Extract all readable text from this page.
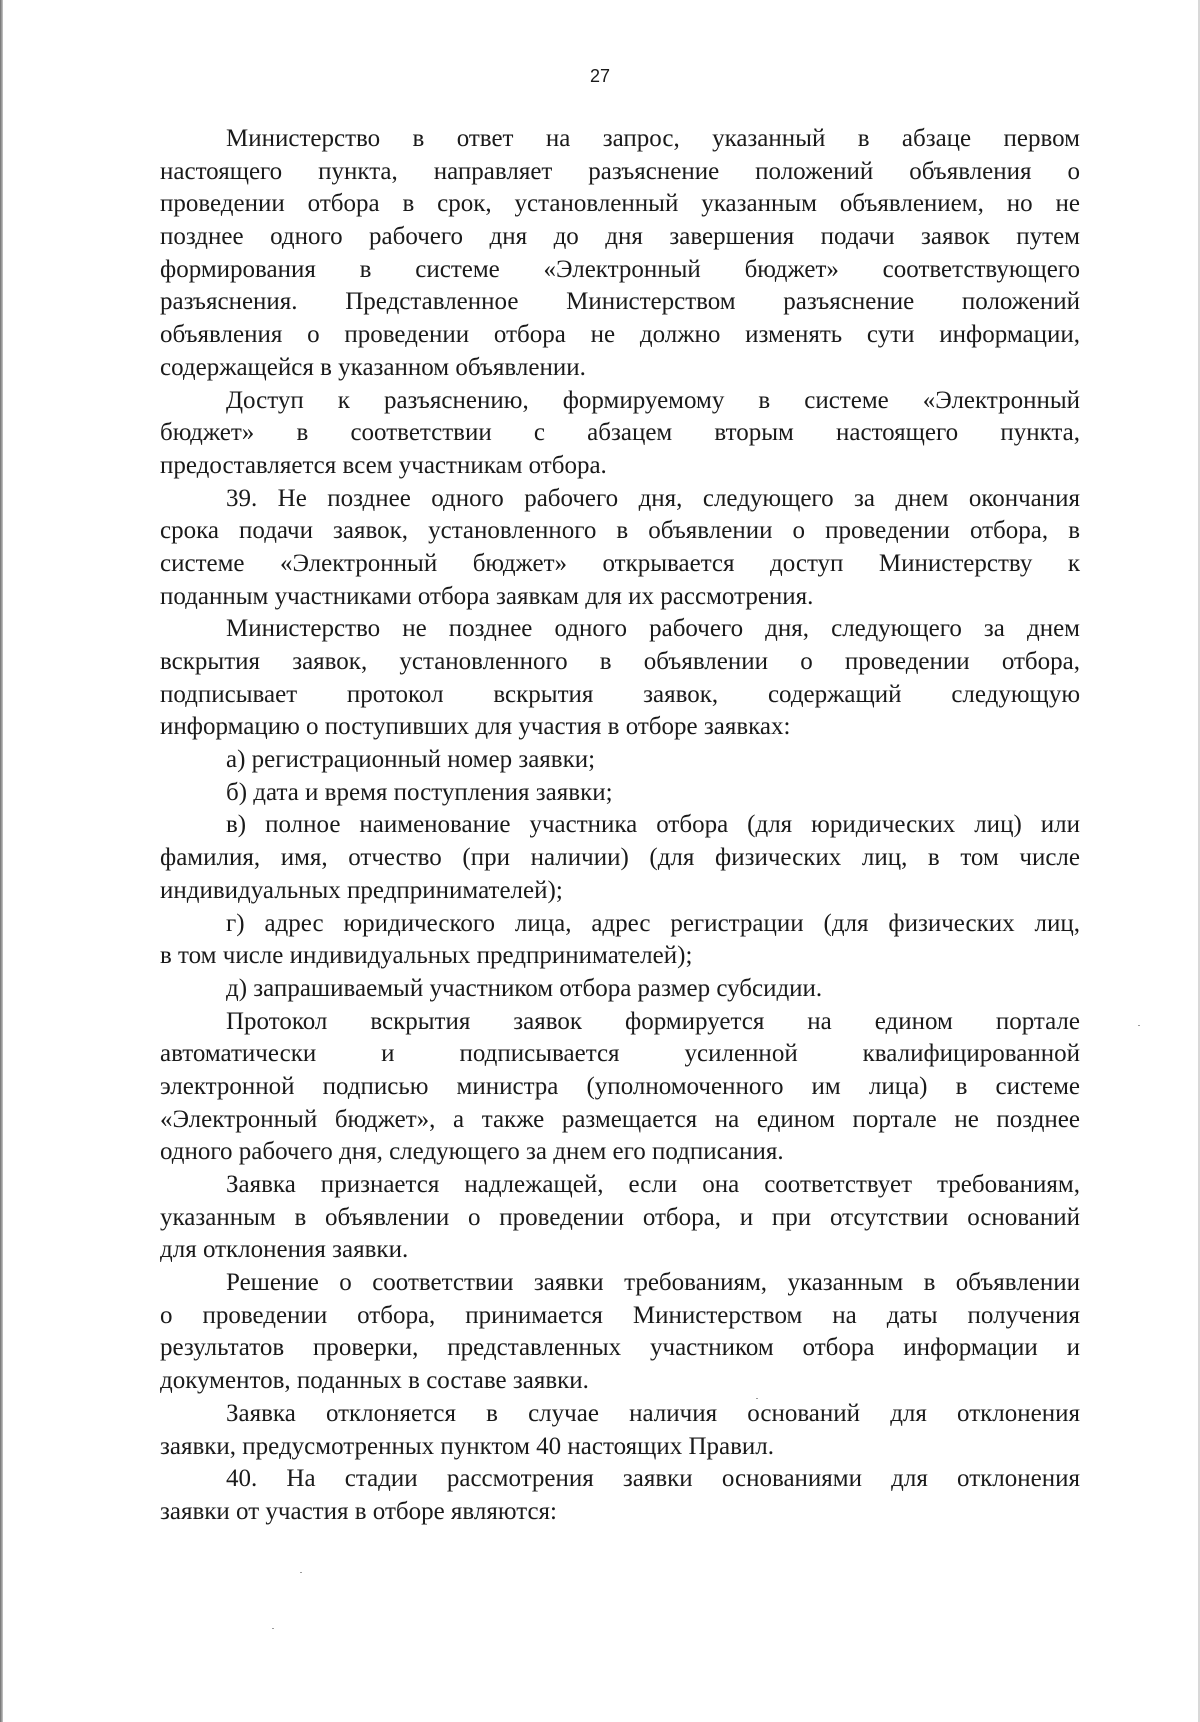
27
Министерство в ответ на запрос, указанный в абзаце первом
настоящего пункта, направляет разъяснение положений объявления о
проведении отбора в срок, установленный указанным объявлением, но не
позднее одного рабочего дня до дня завершения подачи заявок путем
формирования в системе «Электронный бюджет» соответствующего
разъяснения. Представленное Министерством разъяснение положений
объявления о проведении отбора не должно изменять сути информации,
содержащейся в указанном объявлении.
Доступ к разъяснению, формируемому в системе «Электронный
бюджет» в соответствии с абзацем вторым настоящего пункта,
предоставляется всем участникам отбора.
39. Не позднее одного рабочего дня, следующего за днем окончания
срока подачи заявок, установленного в объявлении о проведении отбора, в
системе «Электронный бюджет» открывается доступ Министерству к
поданным участниками отбора заявкам для их рассмотрения.
Министерство не позднее одного рабочего дня, следующего за днем
вскрытия заявок, установленного в объявлении о проведении отбора,
подписывает протокол вскрытия заявок, содержащий следующую
информацию о поступивших для участия в отборе заявках:
а) регистрационный номер заявки;
б) дата и время поступления заявки;
в) полное наименование участника отбора (для юридических лиц) или
фамилия, имя, отчество (при наличии) (для физических лиц, в том числе
индивидуальных предпринимателей);
г) адрес юридического лица, адрес регистрации (для физических лиц,
в том числе индивидуальных предпринимателей);
д) запрашиваемый участником отбора размер субсидии.
Протокол вскрытия заявок формируется на едином портале
автоматически и подписывается усиленной квалифицированной
электронной подписью министра (уполномоченного им лица) в системе
«Электронный бюджет», а также размещается на едином портале не позднее
одного рабочего дня, следующего за днем его подписания.
Заявка признается надлежащей, если она соответствует требованиям,
указанным в объявлении о проведении отбора, и при отсутствии оснований
для отклонения заявки.
Решение о соответствии заявки требованиям, указанным в объявлении
о проведении отбора, принимается Министерством на даты получения
результатов проверки, представленных участником отбора информации и
документов, поданных в составе заявки.
Заявка отклоняется в случае наличия оснований для отклонения
заявки, предусмотренных пунктом 40 настоящих Правил.
40. На стадии рассмотрения заявки основаниями для отклонения
заявки от участия в отборе являются:
